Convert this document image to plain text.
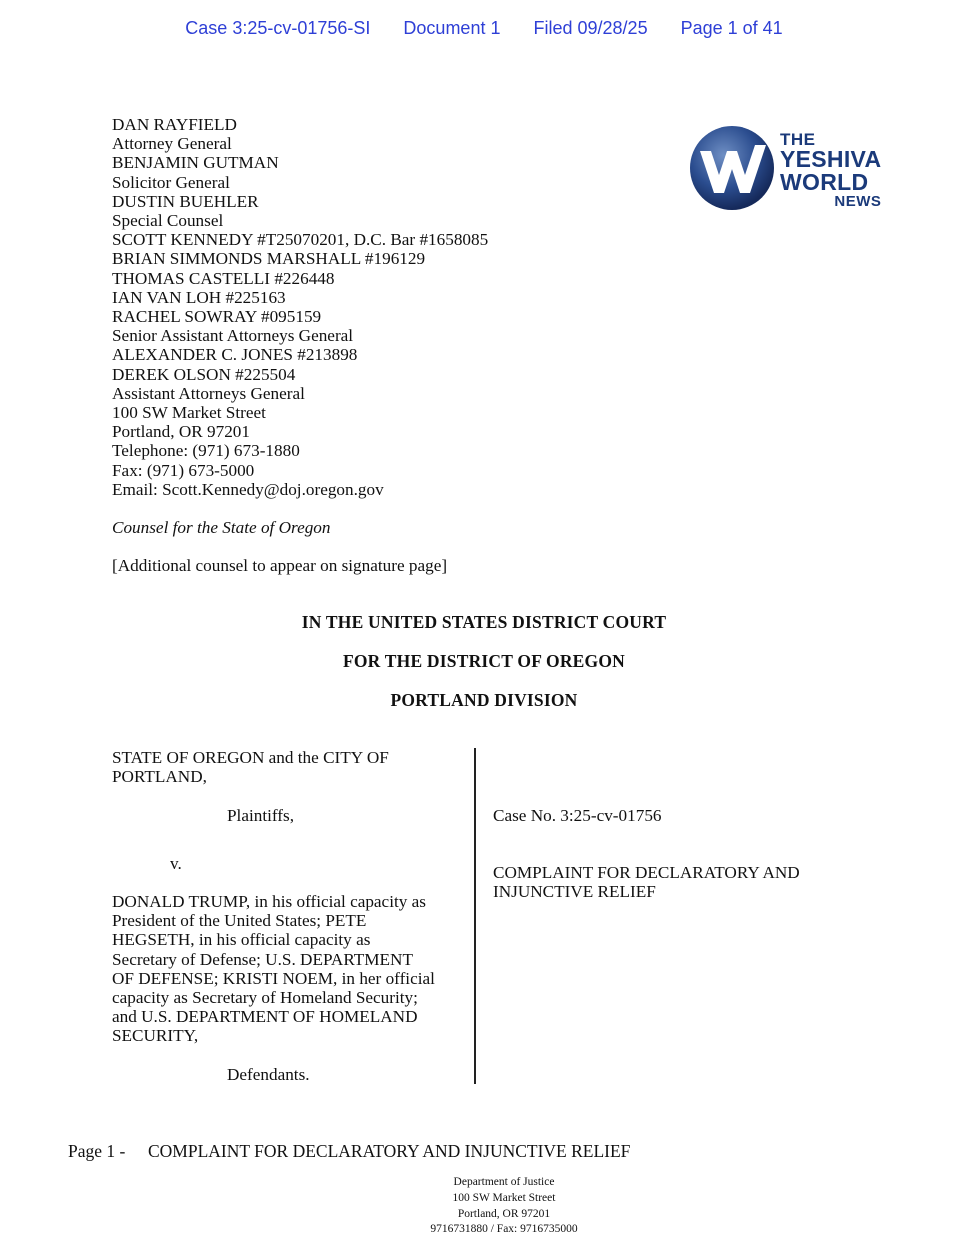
Case 3:25-cv-01756-SI Document 1 Filed 09/28/25 Page 1 of 41
DAN RAYFIELD
Attorney General
BENJAMIN GUTMAN
Solicitor General
DUSTIN BUEHLER
Special Counsel
SCOTT KENNEDY #T25070201, D.C. Bar #1658085
BRIAN SIMMONDS MARSHALL #196129
THOMAS CASTELLI #226448
IAN VAN LOH #225163
RACHEL SOWRAY #095159
Senior Assistant Attorneys General
ALEXANDER C. JONES #213898
DEREK OLSON #225504
Assistant Attorneys General
100 SW Market Street
Portland, OR 97201
Telephone: (971) 673-1880
Fax: (971) 673-5000
Email: Scott.Kennedy@doj.oregon.gov
Counsel for the State of Oregon
[Additional counsel to appear on signature page]
THE
YESHIVA
WORLD
NEWS
IN THE UNITED STATES DISTRICT COURT
FOR THE DISTRICT OF OREGON
PORTLAND DIVISION
STATE OF OREGON and the CITY OF
PORTLAND,
Plaintiffs,
v.
DONALD TRUMP, in his official capacity as
President of the United States; PETE
HEGSETH, in his official capacity as
Secretary of Defense; U.S. DEPARTMENT
OF DEFENSE; KRISTI NOEM, in her official
capacity as Secretary of Homeland Security;
and U.S. DEPARTMENT OF HOMELAND
SECURITY,
Defendants.
Case No. 3:25-cv-01756
COMPLAINT FOR DECLARATORY AND
INJUNCTIVE RELIEF
Page 1 - COMPLAINT FOR DECLARATORY AND INJUNCTIVE RELIEF
Department of Justice
100 SW Market Street
Portland, OR 97201
9716731880 / Fax: 9716735000
